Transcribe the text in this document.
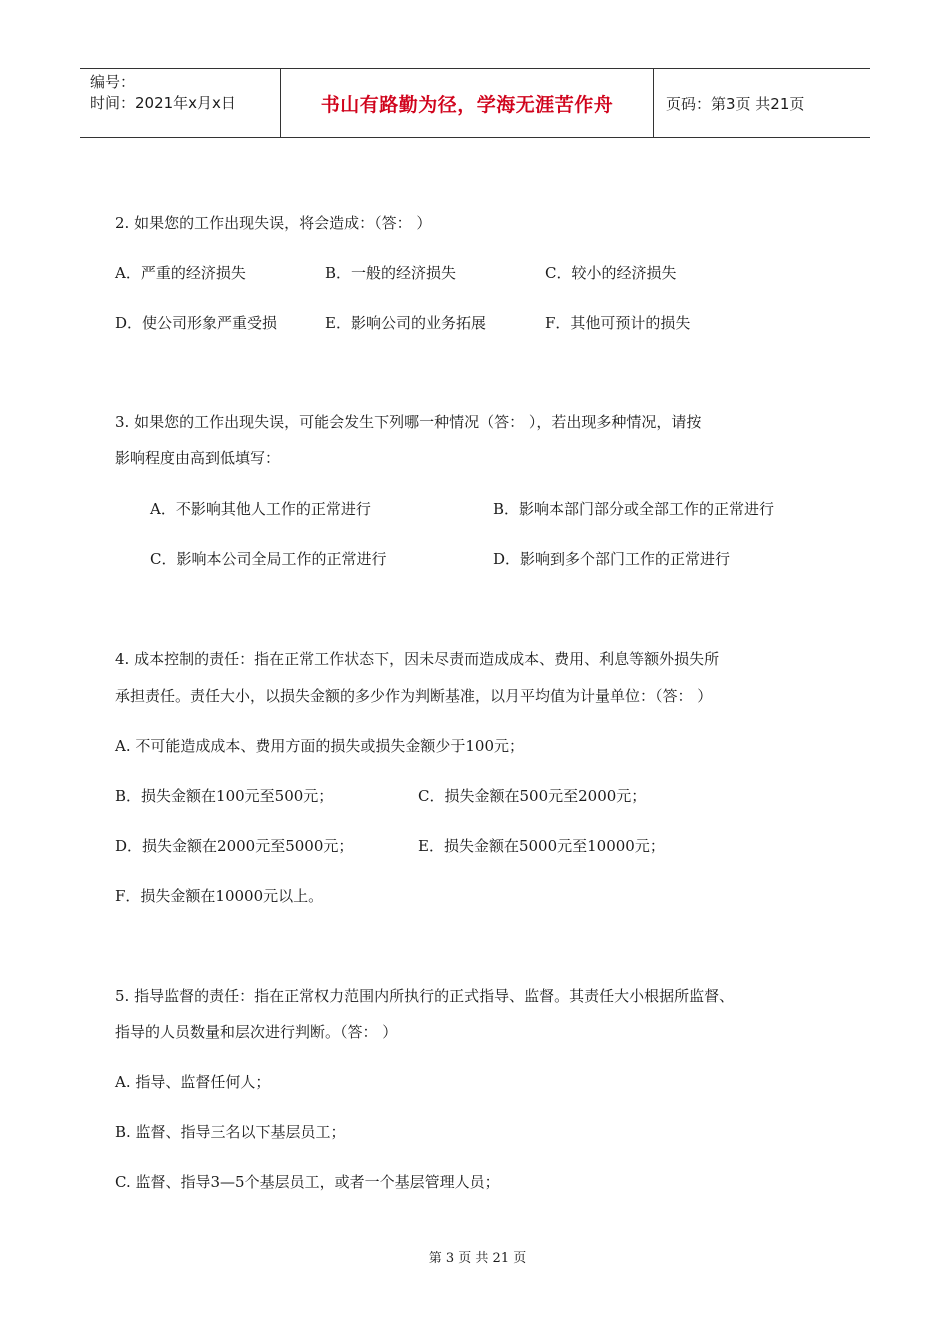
编号：
时间：2021年x月x日	书山有路勤为径，学海无涯苦作舟	页码：第3页 共21页
2. 如果您的工作出现失误，将会造成：（答： ）
A．严重的经济损失	B．一般的经济损失	C．较小的经济损失
D．使公司形象严重受损	E．影响公司的业务拓展	F．其他可预计的损失
3. 如果您的工作出现失误，可能会发生下列哪一种情况（答： ），若出现多种情况，请按
影响程度由高到低填写：
A．不影响其他人工作的正常进行	B．影响本部门部分或全部工作的正常进行
C．影响本公司全局工作的正常进行	D．影响到多个部门工作的正常进行
4. 成本控制的责任：指在正常工作状态下，因未尽责而造成成本、费用、利息等额外损失所
承担责任。责任大小，以损失金额的多少作为判断基准，以月平均值为计量单位：（答： ）
A. 不可能造成成本、费用方面的损失或损失金额少于100元；
B．损失金额在100元至500元；	C．损失金额在500元至2000元；
D．损失金额在2000元至5000元；	E．损失金额在5000元至10000元；
F．损失金额在10000元以上。
5. 指导监督的责任：指在正常权力范围内所执行的正式指导、监督。其责任大小根据所监督、
指导的人员数量和层次进行判断。（答： ）
A. 指导、监督任何人；
B. 监督、指导三名以下基层员工；
C. 监督、指导3—5个基层员工，或者一个基层管理人员；
第 3 页 共 21 页
